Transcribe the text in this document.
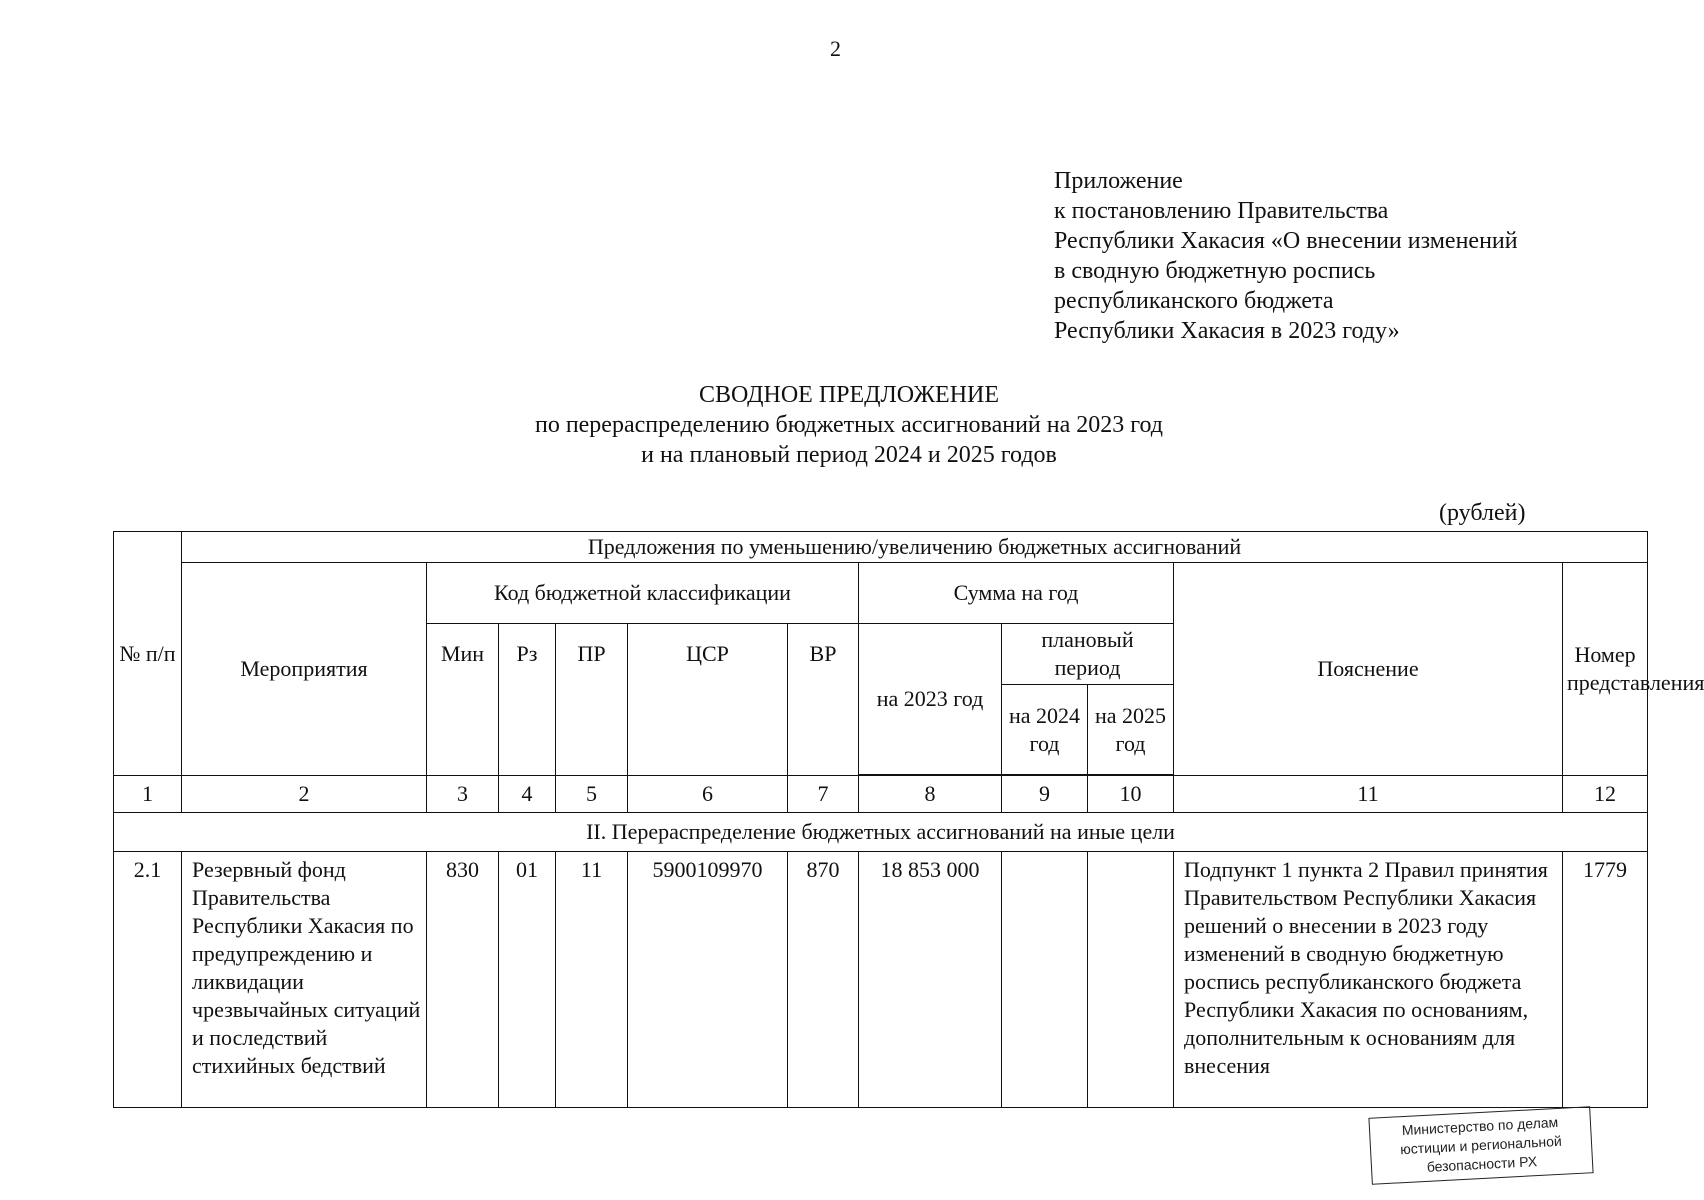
2
Приложение
к постановлению Правительства
Республики Хакасия «О внесении изменений
в сводную бюджетную роспись
республиканского бюджета
Республики Хакасия в 2023 году»
СВОДНОЕ ПРЕДЛОЖЕНИЕ
по перераспределению бюджетных ассигнований на 2023 год
и на плановый период 2024 и 2025 годов
(рублей)
№ п/п	Предложения по уменьшению/увеличению бюджетных ассигнований										
	Мероприятия	Код бюджетной классификации					Сумма на год			Пояснение	Номер представления
		Мин	Рз	ПР	ЦСР	ВР	на 2023 год	плановый период			
								на 2024 год	на 2025 год		

1	2	3	4	5	6	7	8	9	10	11	12
II. Перераспределение бюджетных ассигнований на иные цели											
2.1	Резервный фонд Правительства Республики Хакасия по предупреждению и ликвидации чрезвычайных ситуаций и последствий стихийных бедствий	830	01	11	5900109970	870	18 853 000			Подпункт 1 пункта 2 Правил принятия Правительством Республики Хакасия решений о внесении в 2023 году изменений в сводную бюджетную роспись республиканского бюджета Республики Хакасия по основаниям, дополнительным к основаниям для внесения	1779
Министерство по делам юстиции и региональной безопасности РХ
